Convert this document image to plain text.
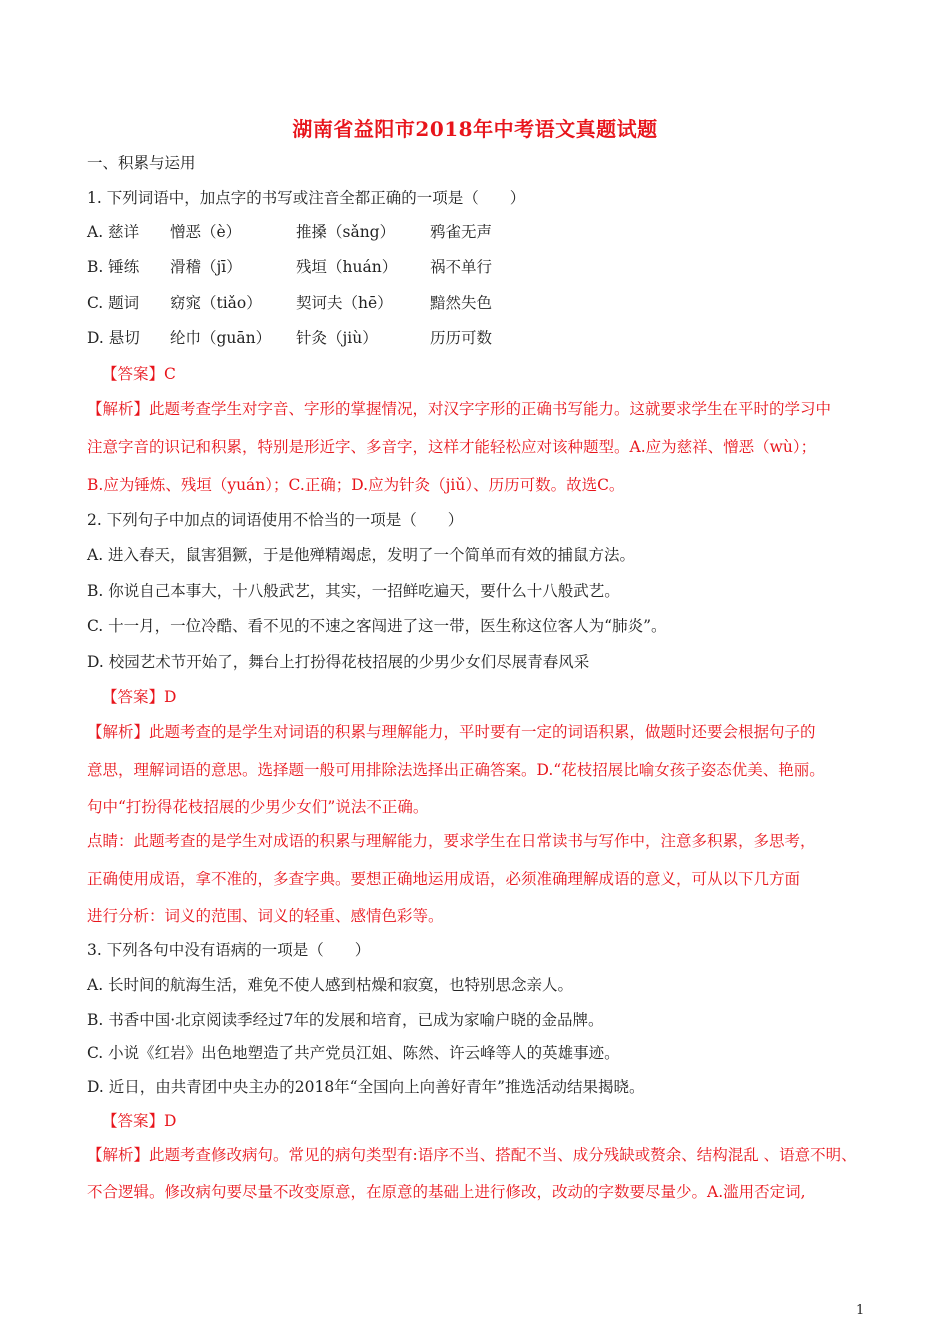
湖南省益阳市2018年中考语文真题试题
一、积累与运用
1. 下列词语中，加点字的书写或注音全都正确的一项是（　　）
A. 慈详 憎恶（è）	推搡（sǎng） 鸦雀无声
B. 锤练 滑稽（jī）	残垣（huán） 祸不单行
C. 题词 窈窕（tiǎo） 契诃夫（hē） 黯然失色
D. 悬切 纶巾（guān） 针灸（jiù）	历历可数
【答案】C
【解析】此题考查学生对字音、字形的掌握情况，对汉字字形的正确书写能力。这就要求学生在平时的学习中
注意字音的识记和积累，特别是形近字、多音字，这样才能轻松应对该种题型。A.应为慈祥、憎恶（wù）；
B.应为锤炼、残垣（yuán）；C.正确；D.应为针灸（jiǔ）、历历可数。故选C。
2. 下列句子中加点的词语使用不恰当的一项是（　　）
A. 进入春天，鼠害猖獗，于是他殚精竭虑，发明了一个简单而有效的捕鼠方法。
B. 你说自己本事大，十八般武艺，其实，一招鲜吃遍天，要什么十八般武艺。
C. 十一月，一位冷酷、看不见的不速之客闯进了这一带，医生称这位客人为“肺炎”。
D. 校园艺术节开始了，舞台上打扮得花枝招展的少男少女们尽展青春风采
【答案】D
【解析】此题考查的是学生对词语的积累与理解能力，平时要有一定的词语积累，做题时还要会根据句子的
意思，理解词语的意思。选择题一般可用排除法选择出正确答案。D.“花枝招展比喻女孩子姿态优美、艳丽。
句中“打扮得花枝招展的少男少女们”说法不正确。
点睛：此题考查的是学生对成语的积累与理解能力，要求学生在日常读书与写作中，注意多积累，多思考，
正确使用成语，拿不准的，多查字典。要想正确地运用成语，必须准确理解成语的意义，可从以下几方面
进行分析：词义的范围、词义的轻重、感情色彩等。
3. 下列各句中没有语病的一项是（　　）
A. 长时间的航海生活，难免不使人感到枯燥和寂寞，也特别思念亲人。
B. 书香中国·北京阅读季经过7年的发展和培育，已成为家喻户晓的金品牌。
C. 小说《红岩》出色地塑造了共产党员江姐、陈然、许云峰等人的英雄事迹。
D. 近日，由共青团中央主办的2018年“全国向上向善好青年”推选活动结果揭晓。
【答案】D
【解析】此题考查修改病句。常见的病句类型有:语序不当、搭配不当、成分残缺或赘余、结构混乱 、语意不明、
不合逻辑。修改病句要尽量不改变原意，在原意的基础上进行修改，改动的字数要尽量少。A.滥用否定词,
1
